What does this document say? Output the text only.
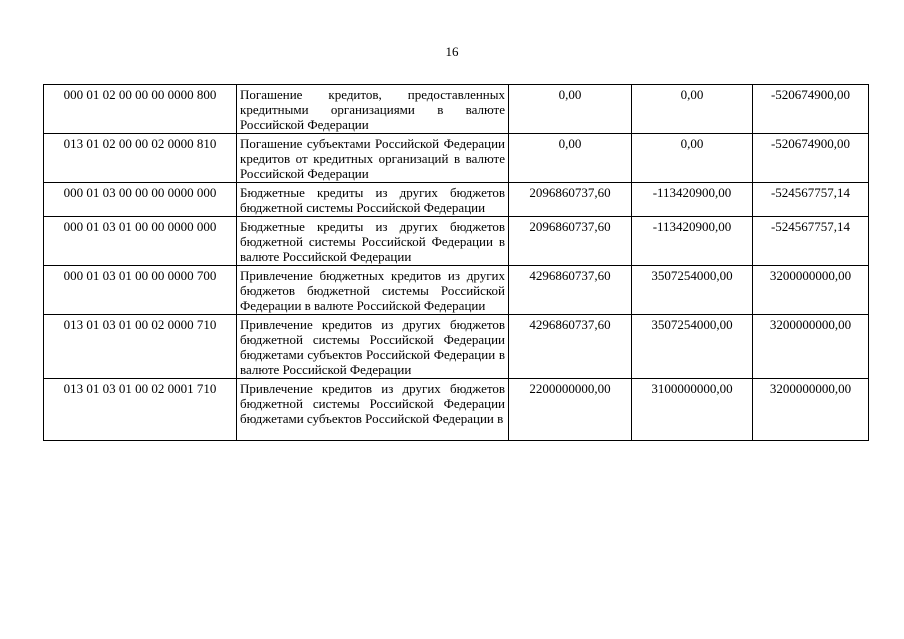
16
000 01 02 00 00 00 0000 800	Погашение кредитов, предоставленных кредитными организациями в валюте Российской Федерации	0,00	0,00	-520674900,00
013 01 02 00 00 02 0000 810	Погашение субъектами Российской Федерации кредитов от кредитных организаций в валюте Российской Федерации	0,00	0,00	-520674900,00
000 01 03 00 00 00 0000 000	Бюджетные кредиты из других бюджетов бюджетной системы Российской Федерации	2096860737,60	-113420900,00	-524567757,14
000 01 03 01 00 00 0000 000	Бюджетные кредиты из других бюджетов бюджетной системы Российской Федерации в валюте Российской Федерации	2096860737,60	-113420900,00	-524567757,14
000 01 03 01 00 00 0000 700	Привлечение бюджетных кредитов из других бюджетов бюджетной системы Российской Федерации в валюте Российской Федерации	4296860737,60	3507254000,00	3200000000,00
013 01 03 01 00 02 0000 710	Привлечение кредитов из других бюджетов бюджетной системы Российской Федерации бюджетами субъектов Российской Федерации в валюте Российской Федерации	4296860737,60	3507254000,00	3200000000,00
013 01 03 01 00 02 0001 710	Привлечение кредитов из других бюджетов бюджетной системы Российской Федерации бюджетами субъектов Российской Федерации в	2200000000,00	3100000000,00	3200000000,00
